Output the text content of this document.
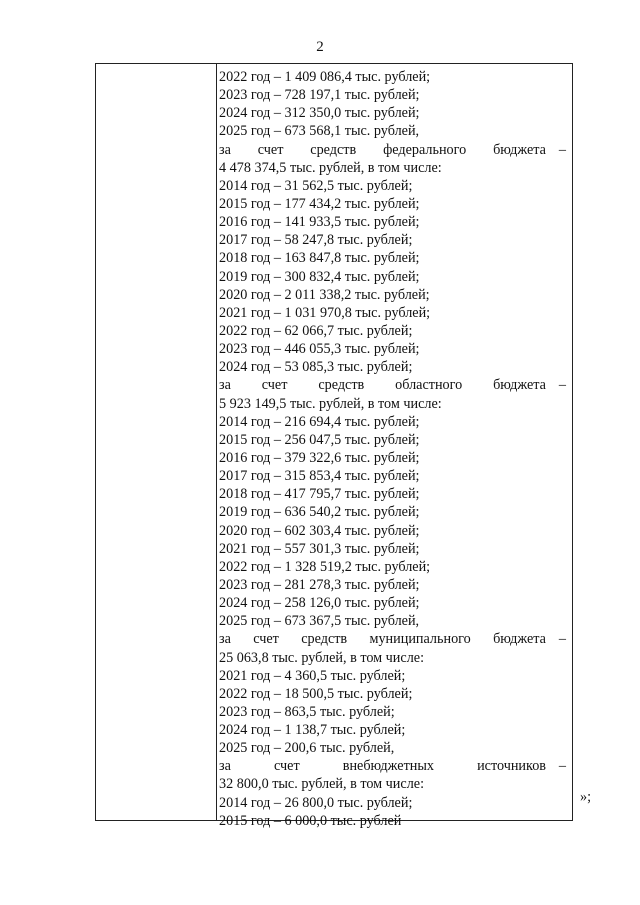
2
2022 год – 1 409 086,4 тыс. рублей;
2023 год – 728 197,1 тыс. рублей;
2024 год – 312 350,0 тыс. рублей;
2025 год – 673 568,1 тыс. рублей,
за счет средств федерального бюджета –
4 478 374,5 тыс. рублей, в том числе:
2014 год – 31 562,5 тыс. рублей;
2015 год – 177 434,2 тыс. рублей;
2016 год – 141 933,5 тыс. рублей;
2017 год – 58 247,8 тыс. рублей;
2018 год – 163 847,8 тыс. рублей;
2019 год – 300 832,4 тыс. рублей;
2020 год – 2 011 338,2 тыс. рублей;
2021 год – 1 031 970,8 тыс. рублей;
2022 год – 62 066,7 тыс. рублей;
2023 год – 446 055,3 тыс. рублей;
2024 год – 53 085,3 тыс. рублей;
за счет средств областного бюджета –
5 923 149,5 тыс. рублей, в том числе:
2014 год – 216 694,4 тыс. рублей;
2015 год – 256 047,5 тыс. рублей;
2016 год – 379 322,6 тыс. рублей;
2017 год – 315 853,4 тыс. рублей;
2018 год – 417 795,7 тыс. рублей;
2019 год – 636 540,2 тыс. рублей;
2020 год – 602 303,4 тыс. рублей;
2021 год – 557 301,3 тыс. рублей;
2022 год – 1 328 519,2 тыс. рублей;
2023 год – 281 278,3 тыс. рублей;
2024 год – 258 126,0 тыс. рублей;
2025 год – 673 367,5 тыс. рублей,
за счет средств муниципального бюджета –
25 063,8 тыс. рублей, в том числе:
2021 год – 4 360,5 тыс. рублей;
2022 год – 18 500,5 тыс. рублей;
2023 год – 863,5 тыс. рублей;
2024 год – 1 138,7 тыс. рублей;
2025 год – 200,6 тыс. рублей,
за	счет	внебюджетных	источников –
32 800,0 тыс. рублей, в том числе:
2014 год – 26 800,0 тыс. рублей;
2015 год – 6 000,0 тыс. рублей
»;
